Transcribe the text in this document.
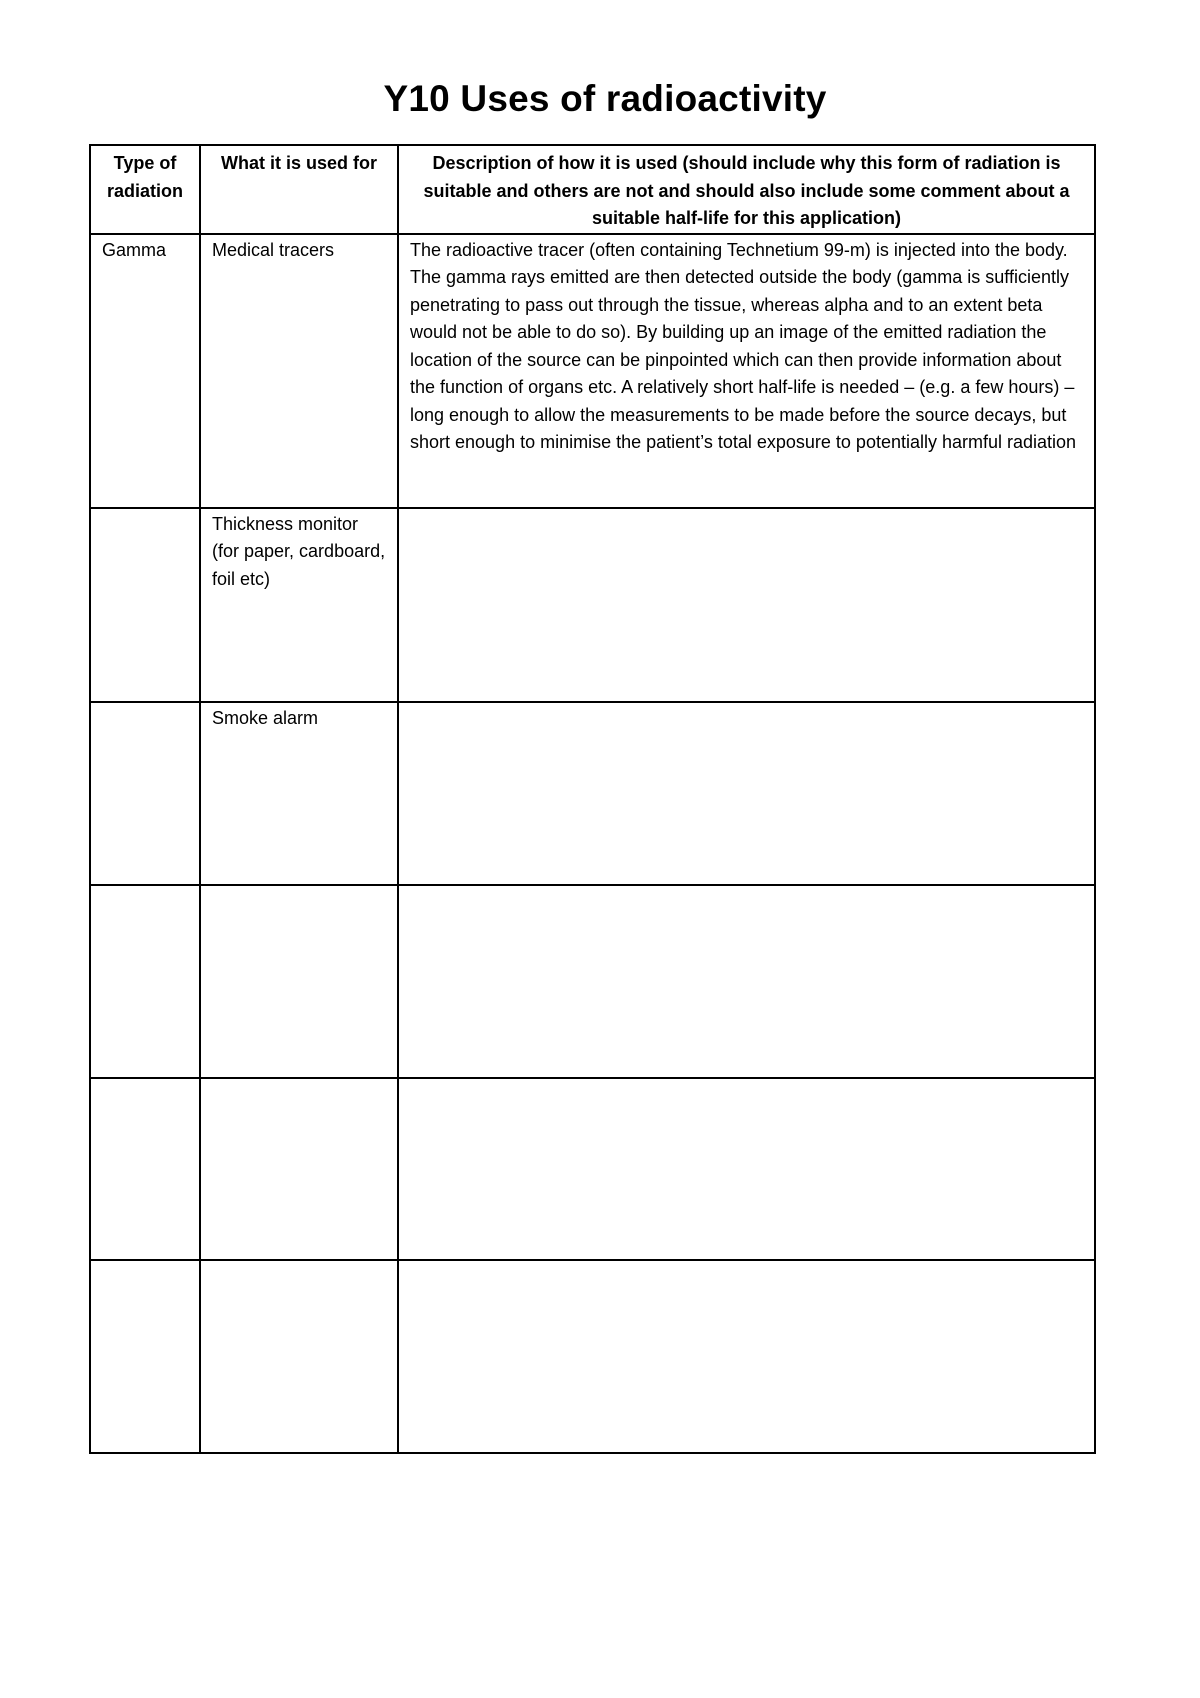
Y10 Uses of radioactivity
Type of radiation	What it is used for	Description of how it is used (should include why this form of radiation is suitable and others are not and should also include some comment about a suitable half-life for this application)
Gamma	Medical tracers	The radioactive tracer (often containing Technetium 99-m) is injected into the body. The gamma rays emitted are then detected outside the body (gamma is sufficiently penetrating to pass out through the tissue, whereas alpha and to an extent beta would not be able to do so). By building up an image of the emitted radiation the location of the source can be pinpointed which can then provide information about the function of organs etc. A relatively short half-life is needed – (e.g. a few hours) – long enough to allow the measurements to be made before the source decays, but short enough to minimise the patient’s total exposure to potentially harmful radiation
	Thickness monitor (for paper, cardboard, foil etc)	
	Smoke alarm	
